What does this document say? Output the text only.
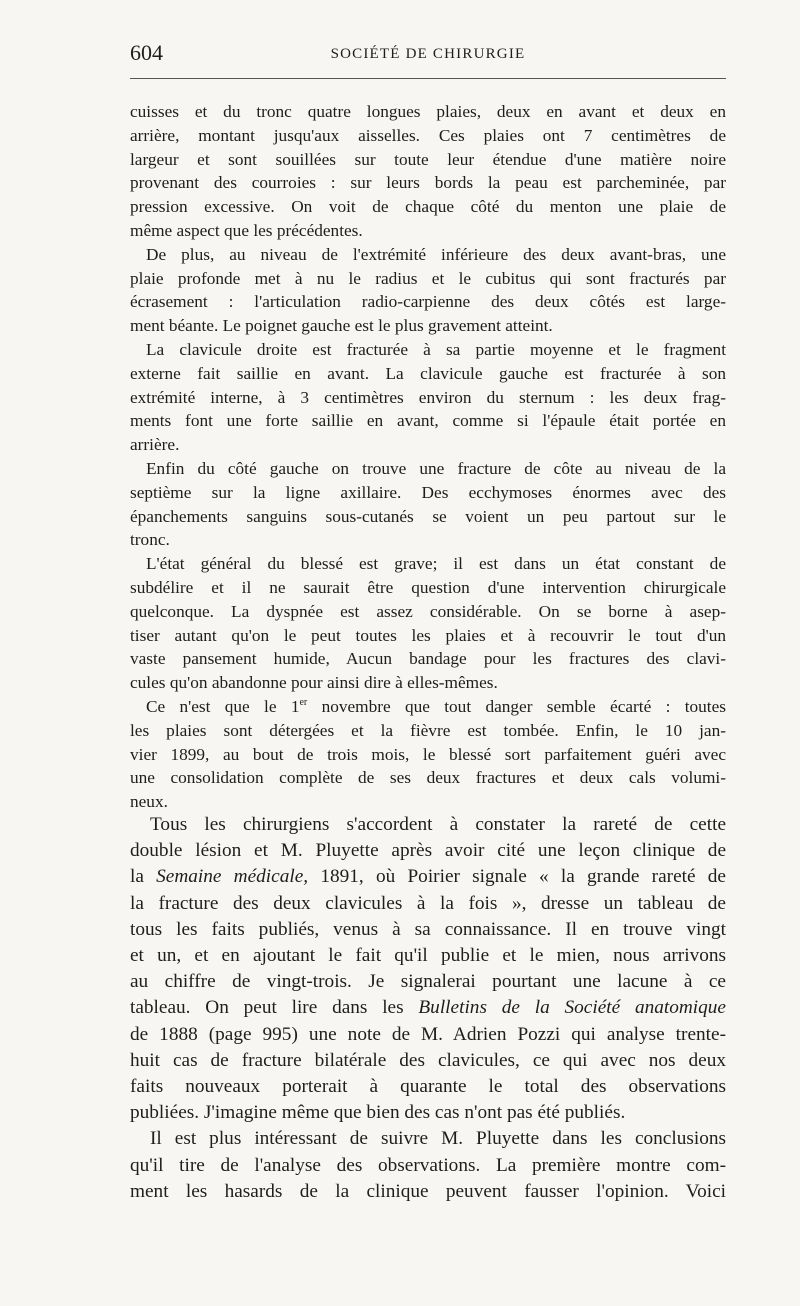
604	SOCIÉTÉ DE CHIRURGIE

cuisses et du tronc quatre longues plaies, deux en avant et deux en

arrière, montant jusqu'aux aisselles. Ces plaies ont 7 centimètres de

largeur et sont souillées sur toute leur étendue d'une matière noire

provenant des courroies : sur leurs bords la peau est parcheminée, par

pression excessive. On voit de chaque côté du menton une plaie de

même aspect que les précédentes.

De plus, au niveau de l'extrémité inférieure des deux avant-bras, une

plaie profonde met à nu le radius et le cubitus qui sont fracturés par

écrasement : l'articulation radio-carpienne des deux côtés est large-

ment béante. Le poignet gauche est le plus gravement atteint.

La clavicule droite est fracturée à sa partie moyenne et le fragment

externe fait saillie en avant. La clavicule gauche est fracturée à son

extrémité interne, à 3 centimètres environ du sternum : les deux frag-

ments font une forte saillie en avant, comme si l'épaule était portée en

arrière.

Enfin du côté gauche on trouve une fracture de côte au niveau de la

septième sur la ligne axillaire. Des ecchymoses énormes avec des

épanchements sanguins sous-cutanés se voient un peu partout sur le

tronc.

L'état général du blessé est grave; il est dans un état constant de

subdélire et il ne saurait être question d'une intervention chirurgicale

quelconque. La dyspnée est assez considérable. On se borne à asep-

tiser autant qu'on le peut toutes les plaies et à recouvrir le tout d'un

vaste pansement humide, Aucun bandage pour les fractures des clavi-

cules qu'on abandonne pour ainsi dire à elles-mêmes.

Ce n'est que le 1er novembre que tout danger semble écarté : toutes

les plaies sont détergées et la fièvre est tombée. Enfin, le 10 jan-

vier 1899, au bout de trois mois, le blessé sort parfaitement guéri avec

une consolidation complète de ses deux fractures et deux cals volumi-

neux.

Tous les chirurgiens s'accordent à constater la rareté de cette

double lésion et M. Pluyette après avoir cité une leçon clinique de

la Semaine médicale, 1891, où Poirier signale « la grande rareté de

la fracture des deux clavicules à la fois », dresse un tableau de

tous les faits publiés, venus à sa connaissance. Il en trouve vingt

et un, et en ajoutant le fait qu'il publie et le mien, nous arrivons

au chiffre de vingt-trois. Je signalerai pourtant une lacune à ce

tableau. On peut lire dans les Bulletins de la Société anatomique

de 1888 (page 995) une note de M. Adrien Pozzi qui analyse trente-

huit cas de fracture bilatérale des clavicules, ce qui avec nos deux

faits nouveaux porterait à quarante le total des observations

publiées. J'imagine même que bien des cas n'ont pas été publiés.

Il est plus intéressant de suivre M. Pluyette dans les conclusions

qu'il tire de l'analyse des observations. La première montre com-

ment les hasards de la clinique peuvent fausser l'opinion. Voici
